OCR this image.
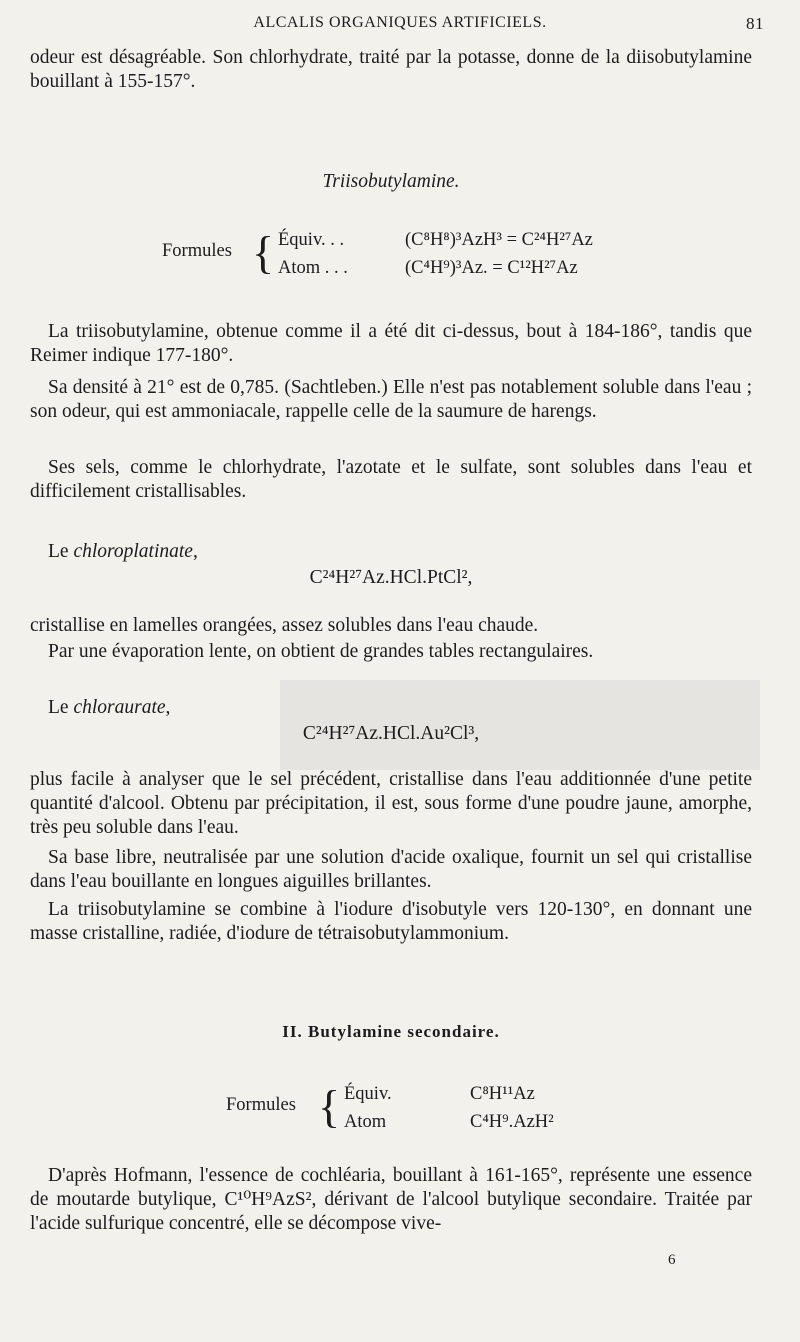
ALCALIS ORGANIQUES ARTIFICIELS.	81
odeur est désagréable. Son chlorhydrate, traité par la potasse, donne de la diisobutylamine bouillant à 155-157°.
Triisobutylamine.
Formules { Équiv. . .	(C⁸H⁸)³AzH³ = C²⁴H²⁷Az
Atom . . .	(C⁴H⁹)³Az. = C¹²H²⁷Az
La triisobutylamine, obtenue comme il a été dit ci-dessus, bout à 184-186°, tandis que Reimer indique 177-180°.
Sa densité à 21° est de 0,785. (Sachtleben.) Elle n'est pas notablement soluble dans l'eau ; son odeur, qui est ammoniacale, rappelle celle de la saumure de harengs.
Ses sels, comme le chlorhydrate, l'azotate et le sulfate, sont solubles dans l'eau et difficilement cristallisables.
Le chloroplatinate,
C²⁴H²⁷Az.HCl.PtCl²,
cristallise en lamelles orangées, assez solubles dans l'eau chaude.
Par une évaporation lente, on obtient de grandes tables rectangulaires.
Le chloraurate,
C²⁴H²⁷Az.HCl.Au²Cl³,
plus facile à analyser que le sel précédent, cristallise dans l'eau additionnée d'une petite quantité d'alcool. Obtenu par précipitation, il est, sous forme d'une poudre jaune, amorphe, très peu soluble dans l'eau.
Sa base libre, neutralisée par une solution d'acide oxalique, fournit un sel qui cristallise dans l'eau bouillante en longues aiguilles brillantes.
La triisobutylamine se combine à l'iodure d'isobutyle vers 120-130°, en donnant une masse cristalline, radiée, d'iodure de tétraisobutylammonium.
II. Butylamine secondaire.
Formules { Équiv.	C⁸H¹¹Az
Atom	C⁴H⁹.AzH²
D'après Hofmann, l'essence de cochléaria, bouillant à 161-165°, représente une essence de moutarde butylique, C¹⁰H⁹AzS², dérivant de l'alcool butylique secondaire. Traitée par l'acide sulfurique concentré, elle se décompose vive-
6
